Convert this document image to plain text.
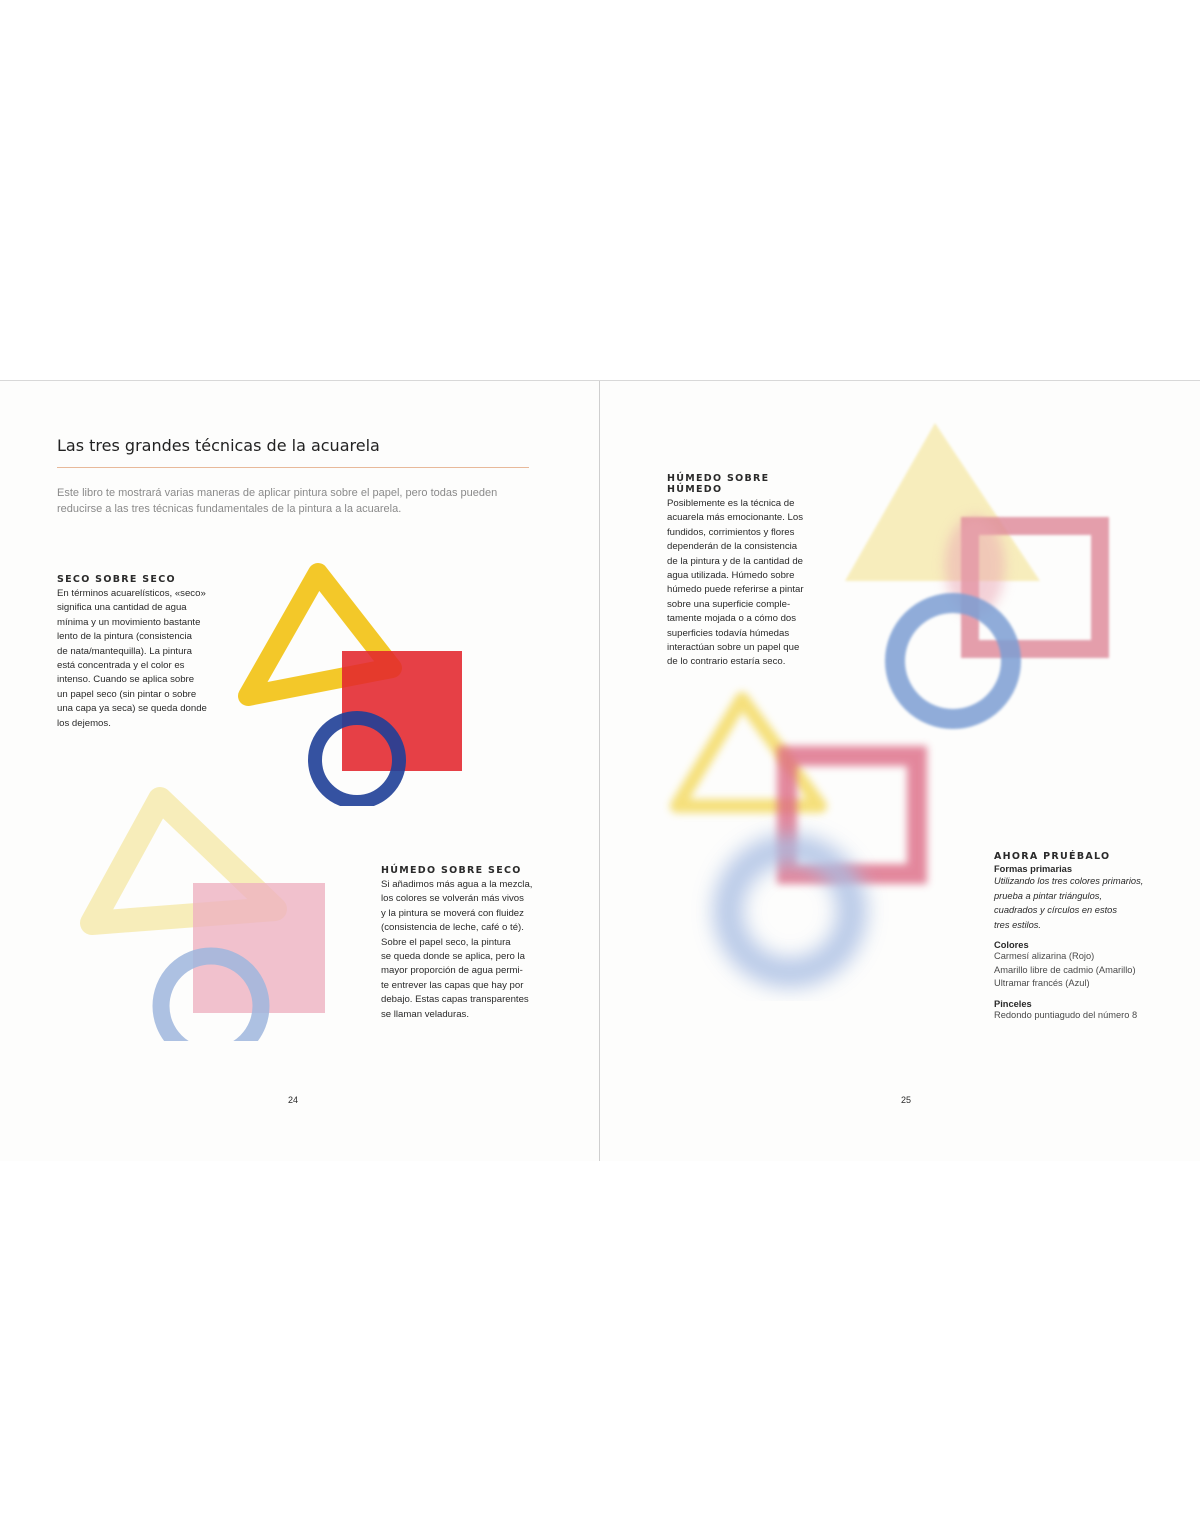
Las tres grandes técnicas de la acuarela

Este libro te mostrará varias maneras de aplicar pintura sobre el papel, pero todas pueden reducirse a las tres técnicas fundamentales de la pintura a la acuarela.

SECO SOBRE SECO

En términos acuarelísticos, «seco»
significa una cantidad de agua
mínima y un movimiento bastante
lento de la pintura (consistencia
de nata/mantequilla). La pintura
está concentrada y el color es
intenso. Cuando se aplica sobre
un papel seco (sin pintar o sobre
una capa ya seca) se queda donde
los dejemos.

HÚMEDO SOBRE SECO

Si añadimos más agua a la mezcla,
los colores se volverán más vivos
y la pintura se moverá con fluidez
(consistencia de leche, café o té).
Sobre el papel seco, la pintura
se queda donde se aplica, pero la
mayor proporción de agua permi-
te entrever las capas que hay por
debajo. Estas capas transparentes
se llaman veladuras.

24

HÚMEDO SOBRE HÚMEDO

Posiblemente es la técnica de
acuarela más emocionante. Los
fundidos, corrimientos y flores
dependerán de la consistencia
de la pintura y de la cantidad de
agua utilizada. Húmedo sobre
húmedo puede referirse a pintar
sobre una superficie comple-
tamente mojada o a cómo dos
superficies todavía húmedas
interactúan sobre un papel que
de lo contrario estaría seco.

AHORA PRUÉBALO

Formas primarias

Utilizando los tres colores primarios,
prueba a pintar triángulos,
cuadrados y círculos en estos
tres estilos.

Colores

Carmesí alizarina (Rojo)
Amarillo libre de cadmio (Amarillo)
Ultramar francés (Azul)

Pinceles

Redondo puntiagudo del número 8

25
